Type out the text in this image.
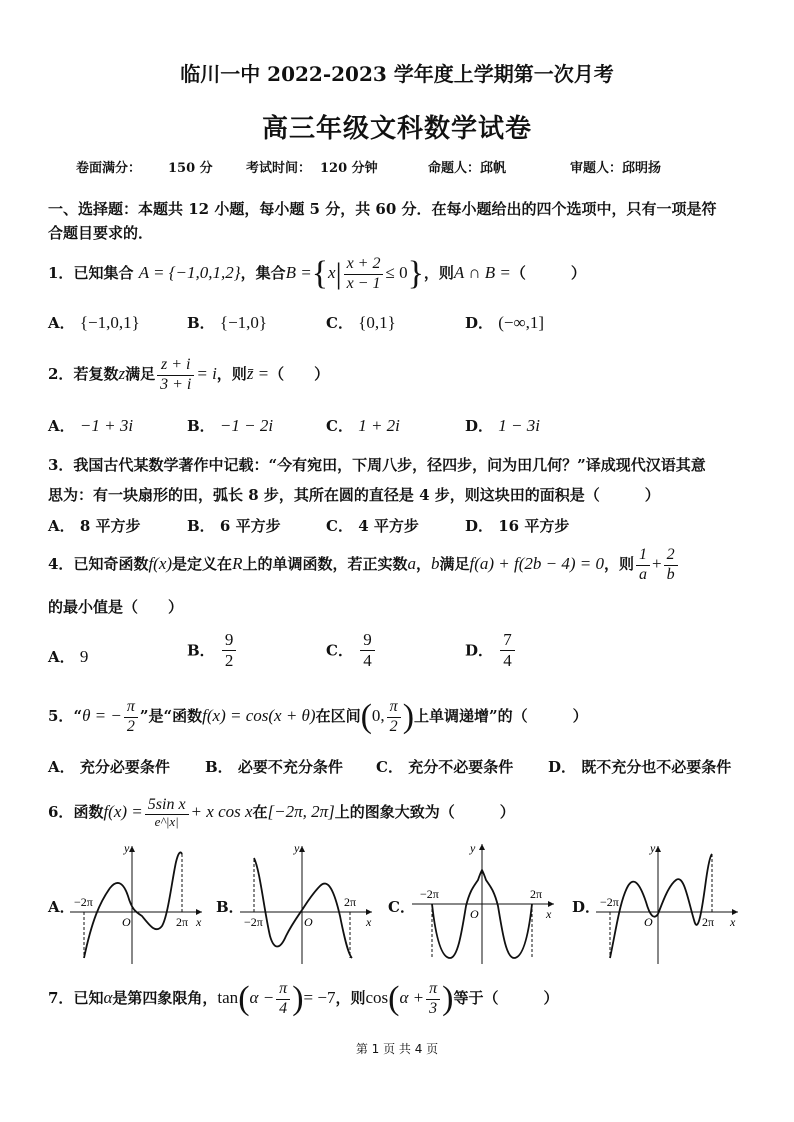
临川一中 2022-2023 学年度上学期第一次月考
高三年级文科数学试卷
卷面满分： 150 分	考试时间： 120 分钟	命题人：邱帆	审题人：邱明扬
一、选择题：本题共 12 小题，每小题 5 分，共 60 分．在每小题给出的四个选项中，只有一项是符
合题目要求的．
1．已知集合 A = {−1,0,1,2}，集合$B =\{x| \frac{x + 2}{x - 1} \le 0\}$，则A ∩ B =（　　　）
A． {−1,0,1}	B． {−1,0}	C． {0,1}	D． (−∞,1]
2．若复数z满足 $\frac{z + i}{3 + i} = i$，则z̄ =（　　）
A． −1 + 3i	B． −1 − 2i	C． 1 + 2i	D． 1 − 3i
3．我国古代某数学著作中记载：“今有宛田，下周八步，径四步，问为田几何？”译成现代汉语其意
思为：有一块扇形的田，弧长 8 步，其所在圆的直径是 4 步，则这块田的面积是（　　　）
A． 8 平方步	B． 6 平方步	C． 4 平方步	D． 16 平方步
4．已知奇函数f(x)是定义在R上的单调函数，若正实数a，b满足f(a) + f(2b − 4) = 0，则 $\frac{1}{a} + \frac{2}{b}$
的最小值是（　　）
A． 9	B． $\frac{9}{2}$	C． $\frac{9}{4}$	D． $\frac{7}{4}$
5．“θ = − $\frac{\pi}{2}$ ”是“函数f(x) = cos(x + θ)在区间(0, $\frac{\pi}{2}$ )上单调递增”的（　　　）
A． 充分必要条件 B． 必要不充分条件 C． 充分不必要条件 D． 既不充分也不必要条件
6．函数$f(x) = \frac{\text{5sin x}}{e\^{}|x|} + x$ cos x在[−2π, 2π]上的图象大致为（　　　）
A．	B．	C．	D．
−2π
2π x
y
O	−2π
2π
x
y
O
−2π	2π
x
y
O
−2π
2π x
y
O
7．已知α是第四象限角，$\tan(\alpha - \frac{\pi}{4}$ )= −7，则$\cos(\alpha + \frac{\pi}{3}$ )等于（　　　）
第 1 页 共 4 页
